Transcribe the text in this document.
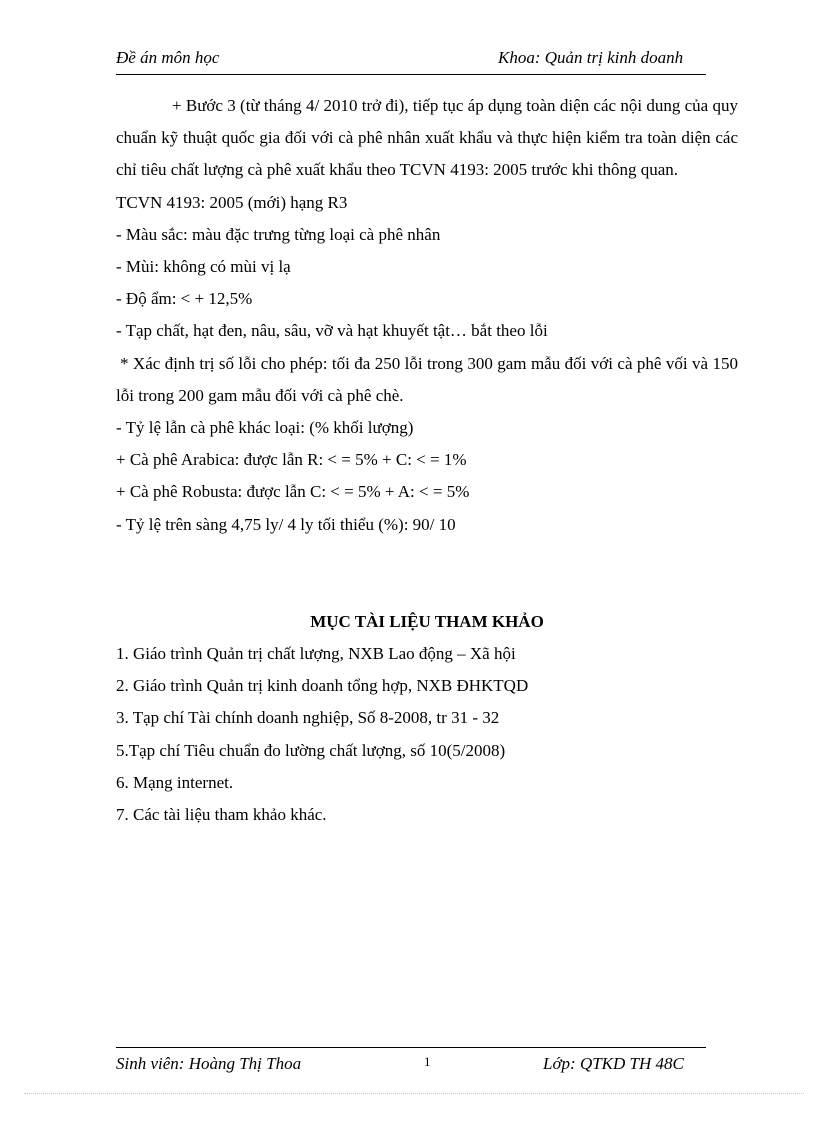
Đề án môn học	Khoa: Quản trị kinh doanh

+ Bước 3 (từ tháng 4/ 2010 trở đi), tiếp tục áp dụng toàn diện các nội dung của quy chuẩn kỹ thuật quốc gia đối với cà phê nhân xuất khẩu và thực hiện kiểm tra toàn diện các chỉ tiêu chất lượng cà phê xuất khẩu theo TCVN 4193: 2005 trước khi thông quan.

TCVN 4193: 2005 (mới) hạng R3

- Màu sắc: màu đặc trưng từng loại cà phê nhân

- Mùi: không có mùi vị lạ

- Độ ẩm: < + 12,5%

- Tạp chất, hạt đen, nâu, sâu, vỡ và hạt khuyết tật… bắt theo lỗi

* Xác định trị số lỗi cho phép: tối đa 250 lỗi trong 300 gam mẫu đối với cà phê vối và 150 lỗi trong 200 gam mẫu đối với cà phê chè.

- Tỷ lệ lẫn cà phê khác loại: (% khối lượng)

+ Cà phê Arabica: được lẫn R: < = 5% + C: < = 1%

+ Cà phê Robusta: được lẫn C: < = 5% + A: < = 5%

- Tỷ lệ trên sàng 4,75 ly/ 4 ly tối thiểu (%): 90/ 10

MỤC TÀI LIỆU THAM KHẢO
1. Giáo trình Quản trị chất lượng, NXB Lao động – Xã hội
2. Giáo trình Quản trị kinh doanh tổng hợp, NXB ĐHKTQD
3. Tạp chí Tài chính doanh nghiệp, Số 8-2008, tr 31 - 32
5.Tạp chí Tiêu chuẩn đo lường chất lượng, số 10(5/2008)
6. Mạng internet.
7. Các tài liệu tham khảo khác.
Sinh viên: Hoàng Thị Thoa	1	Lớp: QTKD TH 48C
